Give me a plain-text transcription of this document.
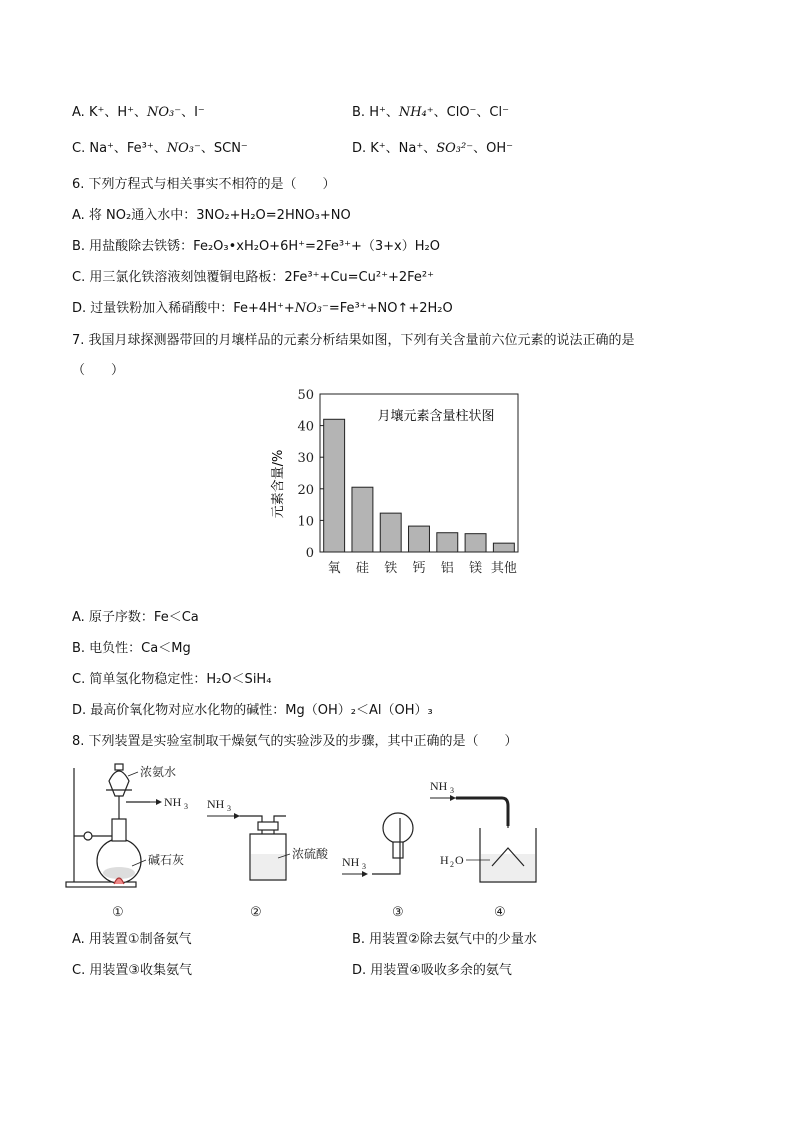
A. K⁺、H⁺、NO₃⁻、I⁻	B. H⁺、NH₄⁺、ClO⁻、Cl⁻
C. Na⁺、Fe³⁺、NO₃⁻、SCN⁻	D. K⁺、Na⁺、SO₃²⁻、OH⁻
6. 下列方程式与相关事实不相符的是（　　）
A. 将 NO₂通入水中：3NO₂+H₂O=2HNO₃+NO
B. 用盐酸除去铁锈：Fe₂O₃•xH₂O+6H⁺=2Fe³⁺+（3+x）H₂O
C. 用三氯化铁溶液刻蚀覆铜电路板：2Fe³⁺+Cu=Cu²⁺+2Fe²⁺
D. 过量铁粉加入稀硝酸中：Fe+4H⁺+NO₃⁻=Fe³⁺+NO↑+2H₂O
7. 我国月球探测器带回的月壤样品的元素分析结果如图，下列有关含量前六位元素的说法正确的是
（　　）
0
10
20
30
40
50
氧 硅 铁 钙 铝 镁 其他
月壤元素含量柱状图
元素含量/%
A. 原子序数：Fe＜Ca
B. 电负性：Ca＜Mg
C. 简单氢化物稳定性：H₂O＜SiH₄
D. 最高价氧化物对应水化物的碱性：Mg（OH）₂＜Al（OH）₃
8. 下列装置是实验室制取干燥氨气的实验涉及的步骤，其中正确的是（　　）
NH 3
浓氨水
碱石灰
①
NH 3
浓硫酸
②
NH 3
③
NH 3
H 2 O
④
A. 用装置①制备氨气	B. 用装置②除去氨气中的少量水
C. 用装置③收集氨气	D. 用装置④吸收多余的氨气
